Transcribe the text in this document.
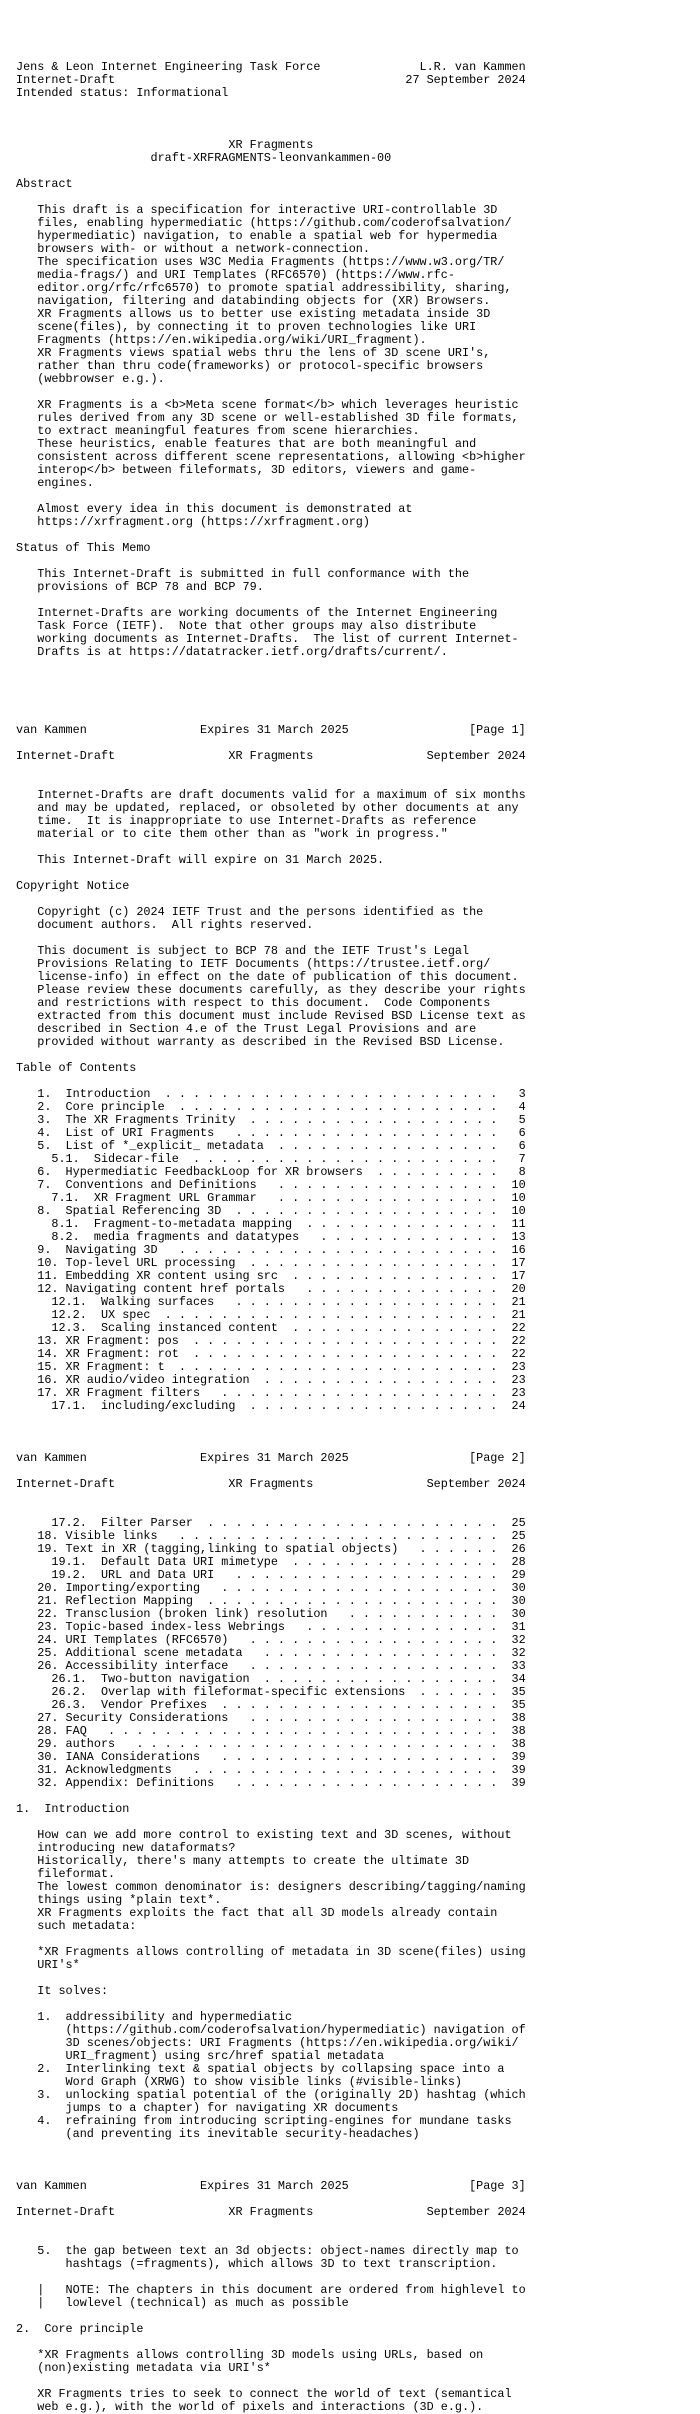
Jens & Leon Internet Engineering Task Force              L.R. van Kammen
Internet-Draft                                         27 September 2024
Intended status: Informational
XR Fragments
draft-XRFRAGMENTS-leonvankammen-00
Abstract
This draft is a specification for interactive URI-controllable 3D
files, enabling hypermediatic (https://github.com/coderofsalvation/
hypermediatic) navigation, to enable a spatial web for hypermedia
browsers with- or without a network-connection.
The specification uses W3C Media Fragments (https://www.w3.org/TR/
media-frags/) and URI Templates (RFC6570) (https://www.rfc-
editor.org/rfc/rfc6570) to promote spatial addressibility, sharing,
navigation, filtering and databinding objects for (XR) Browsers.
XR Fragments allows us to better use existing metadata inside 3D
scene(files), by connecting it to proven technologies like URI
Fragments (https://en.wikipedia.org/wiki/URI_fragment).
XR Fragments views spatial webs thru the lens of 3D scene URI's,
rather than thru code(frameworks) or protocol-specific browsers
(webbrowser e.g.).
XR Fragments is a <b>Meta scene format</b> which leverages heuristic
rules derived from any 3D scene or well-established 3D file formats,
to extract meaningful features from scene hierarchies.
These heuristics, enable features that are both meaningful and
consistent across different scene representations, allowing <b>higher
interop</b> between fileformats, 3D editors, viewers and game-
engines.
Almost every idea in this document is demonstrated at
https://xrfragment.org (https://xrfragment.org)
Status of This Memo
This Internet-Draft is submitted in full conformance with the
provisions of BCP 78 and BCP 79.
Internet-Drafts are working documents of the Internet Engineering
Task Force (IETF).  Note that other groups may also distribute
working documents as Internet-Drafts.  The list of current Internet-
Drafts is at https://datatracker.ietf.org/drafts/current/.
van Kammen                Expires 31 March 2025                 [Page 1]
Internet-Draft                XR Fragments                September 2024
Internet-Drafts are draft documents valid for a maximum of six months
and may be updated, replaced, or obsoleted by other documents at any
time.  It is inappropriate to use Internet-Drafts as reference
material or to cite them other than as "work in progress."
This Internet-Draft will expire on 31 March 2025.
Copyright Notice
Copyright (c) 2024 IETF Trust and the persons identified as the
document authors.  All rights reserved.
This document is subject to BCP 78 and the IETF Trust's Legal
Provisions Relating to IETF Documents (https://trustee.ietf.org/
license-info) in effect on the date of publication of this document.
Please review these documents carefully, as they describe your rights
and restrictions with respect to this document.  Code Components
extracted from this document must include Revised BSD License text as
described in Section 4.e of the Trust Legal Provisions and are
provided without warranty as described in the Revised BSD License.
Table of Contents
1.  Introduction  . . . . . . . . . . . . . . . . . . . . . . . .   3
2.  Core principle  . . . . . . . . . . . . . . . . . . . . . . .   4
3.  The XR Fragments Trinity  . . . . . . . . . . . . . . . . . .   5
4.  List of URI Fragments   . . . . . . . . . . . . . . . . . . .   6
5.  List of *_explicit_ metadata  . . . . . . . . . . . . . . . .   6
5.1.  Sidecar-file  . . . . . . . . . . . . . . . . . . . . . .   7
6.  Hypermediatic FeedbackLoop for XR browsers  . . . . . . . . .   8
7.  Conventions and Definitions   . . . . . . . . . . . . . . . .  10
7.1.  XR Fragment URL Grammar   . . . . . . . . . . . . . . . .  10
8.  Spatial Referencing 3D  . . . . . . . . . . . . . . . . . . .  10
8.1.  Fragment-to-metadata mapping  . . . . . . . . . . . . . .  11
8.2.  media fragments and datatypes   . . . . . . . . . . . . .  13
9.  Navigating 3D   . . . . . . . . . . . . . . . . . . . . . . .  16
10. Top-level URL processing  . . . . . . . . . . . . . . . . . .  17
11. Embedding XR content using src  . . . . . . . . . . . . . . .  17
12. Navigating content href portals   . . . . . . . . . . . . . .  20
12.1.  Walking surfaces   . . . . . . . . . . . . . . . . . . .  21
12.2.  UX spec  . . . . . . . . . . . . . . . . . . . . . . . .  21
12.3.  Scaling instanced content  . . . . . . . . . . . . . . .  22
13. XR Fragment: pos  . . . . . . . . . . . . . . . . . . . . . .  22
14. XR Fragment: rot  . . . . . . . . . . . . . . . . . . . . . .  22
15. XR Fragment: t  . . . . . . . . . . . . . . . . . . . . . . .  23
16. XR audio/video integration  . . . . . . . . . . . . . . . . .  23
17. XR Fragment filters   . . . . . . . . . . . . . . . . . . . .  23
17.1.  including/excluding  . . . . . . . . . . . . . . . . . .  24
van Kammen                Expires 31 March 2025                 [Page 2]
Internet-Draft                XR Fragments                September 2024
17.2.  Filter Parser  . . . . . . . . . . . . . . . . . . . . .  25
18. Visible links   . . . . . . . . . . . . . . . . . . . . . . .  25
19. Text in XR (tagging,linking to spatial objects)   . . . . . .  26
19.1.  Default Data URI mimetype  . . . . . . . . . . . . . . .  28
19.2.  URL and Data URI   . . . . . . . . . . . . . . . . . . .  29
20. Importing/exporting   . . . . . . . . . . . . . . . . . . . .  30
21. Reflection Mapping  . . . . . . . . . . . . . . . . . . . . .  30
22. Transclusion (broken link) resolution   . . . . . . . . . . .  30
23. Topic-based index-less Webrings   . . . . . . . . . . . . . .  31
24. URI Templates (RFC6570)   . . . . . . . . . . . . . . . . . .  32
25. Additional scene metadata   . . . . . . . . . . . . . . . . .  32
26. Accessibility interface   . . . . . . . . . . . . . . . . . .  33
26.1.  Two-button navigation  . . . . . . . . . . . . . . . . .  34
26.2.  Overlap with fileformat-specific extensions  . . . . . .  35
26.3.  Vendor Prefixes  . . . . . . . . . . . . . . . . . . . .  35
27. Security Considerations   . . . . . . . . . . . . . . . . . .  38
28. FAQ   . . . . . . . . . . . . . . . . . . . . . . . . . . . .  38
29. authors   . . . . . . . . . . . . . . . . . . . . . . . . . .  38
30. IANA Considerations   . . . . . . . . . . . . . . . . . . . .  39
31. Acknowledgments   . . . . . . . . . . . . . . . . . . . . . .  39
32. Appendix: Definitions   . . . . . . . . . . . . . . . . . . .  39
1.  Introduction
How can we add more control to existing text and 3D scenes, without
introducing new dataformats?
Historically, there's many attempts to create the ultimate 3D
fileformat.
The lowest common denominator is: designers describing/tagging/naming
things using *plain text*.
XR Fragments exploits the fact that all 3D models already contain
such metadata:
*XR Fragments allows controlling of metadata in 3D scene(files) using
URI's*
It solves:
1.  addressibility and hypermediatic
(https://github.com/coderofsalvation/hypermediatic) navigation of
3D scenes/objects: URI Fragments (https://en.wikipedia.org/wiki/
URI_fragment) using src/href spatial metadata
2.  Interlinking text & spatial objects by collapsing space into a
Word Graph (XRWG) to show visible links (#visible-links)
3.  unlocking spatial potential of the (originally 2D) hashtag (which
jumps to a chapter) for navigating XR documents
4.  refraining from introducing scripting-engines for mundane tasks
(and preventing its inevitable security-headaches)
van Kammen                Expires 31 March 2025                 [Page 3]
Internet-Draft                XR Fragments                September 2024
5.  the gap between text an 3d objects: object-names directly map to
hashtags (=fragments), which allows 3D to text transcription.
|   NOTE: The chapters in this document are ordered from highlevel to
|   lowlevel (technical) as much as possible
2.  Core principle
*XR Fragments allows controlling 3D models using URLs, based on
(non)existing metadata via URI's*
XR Fragments tries to seek to connect the world of text (semantical
web e.g.), with the world of pixels and interactions (3D e.g.).
